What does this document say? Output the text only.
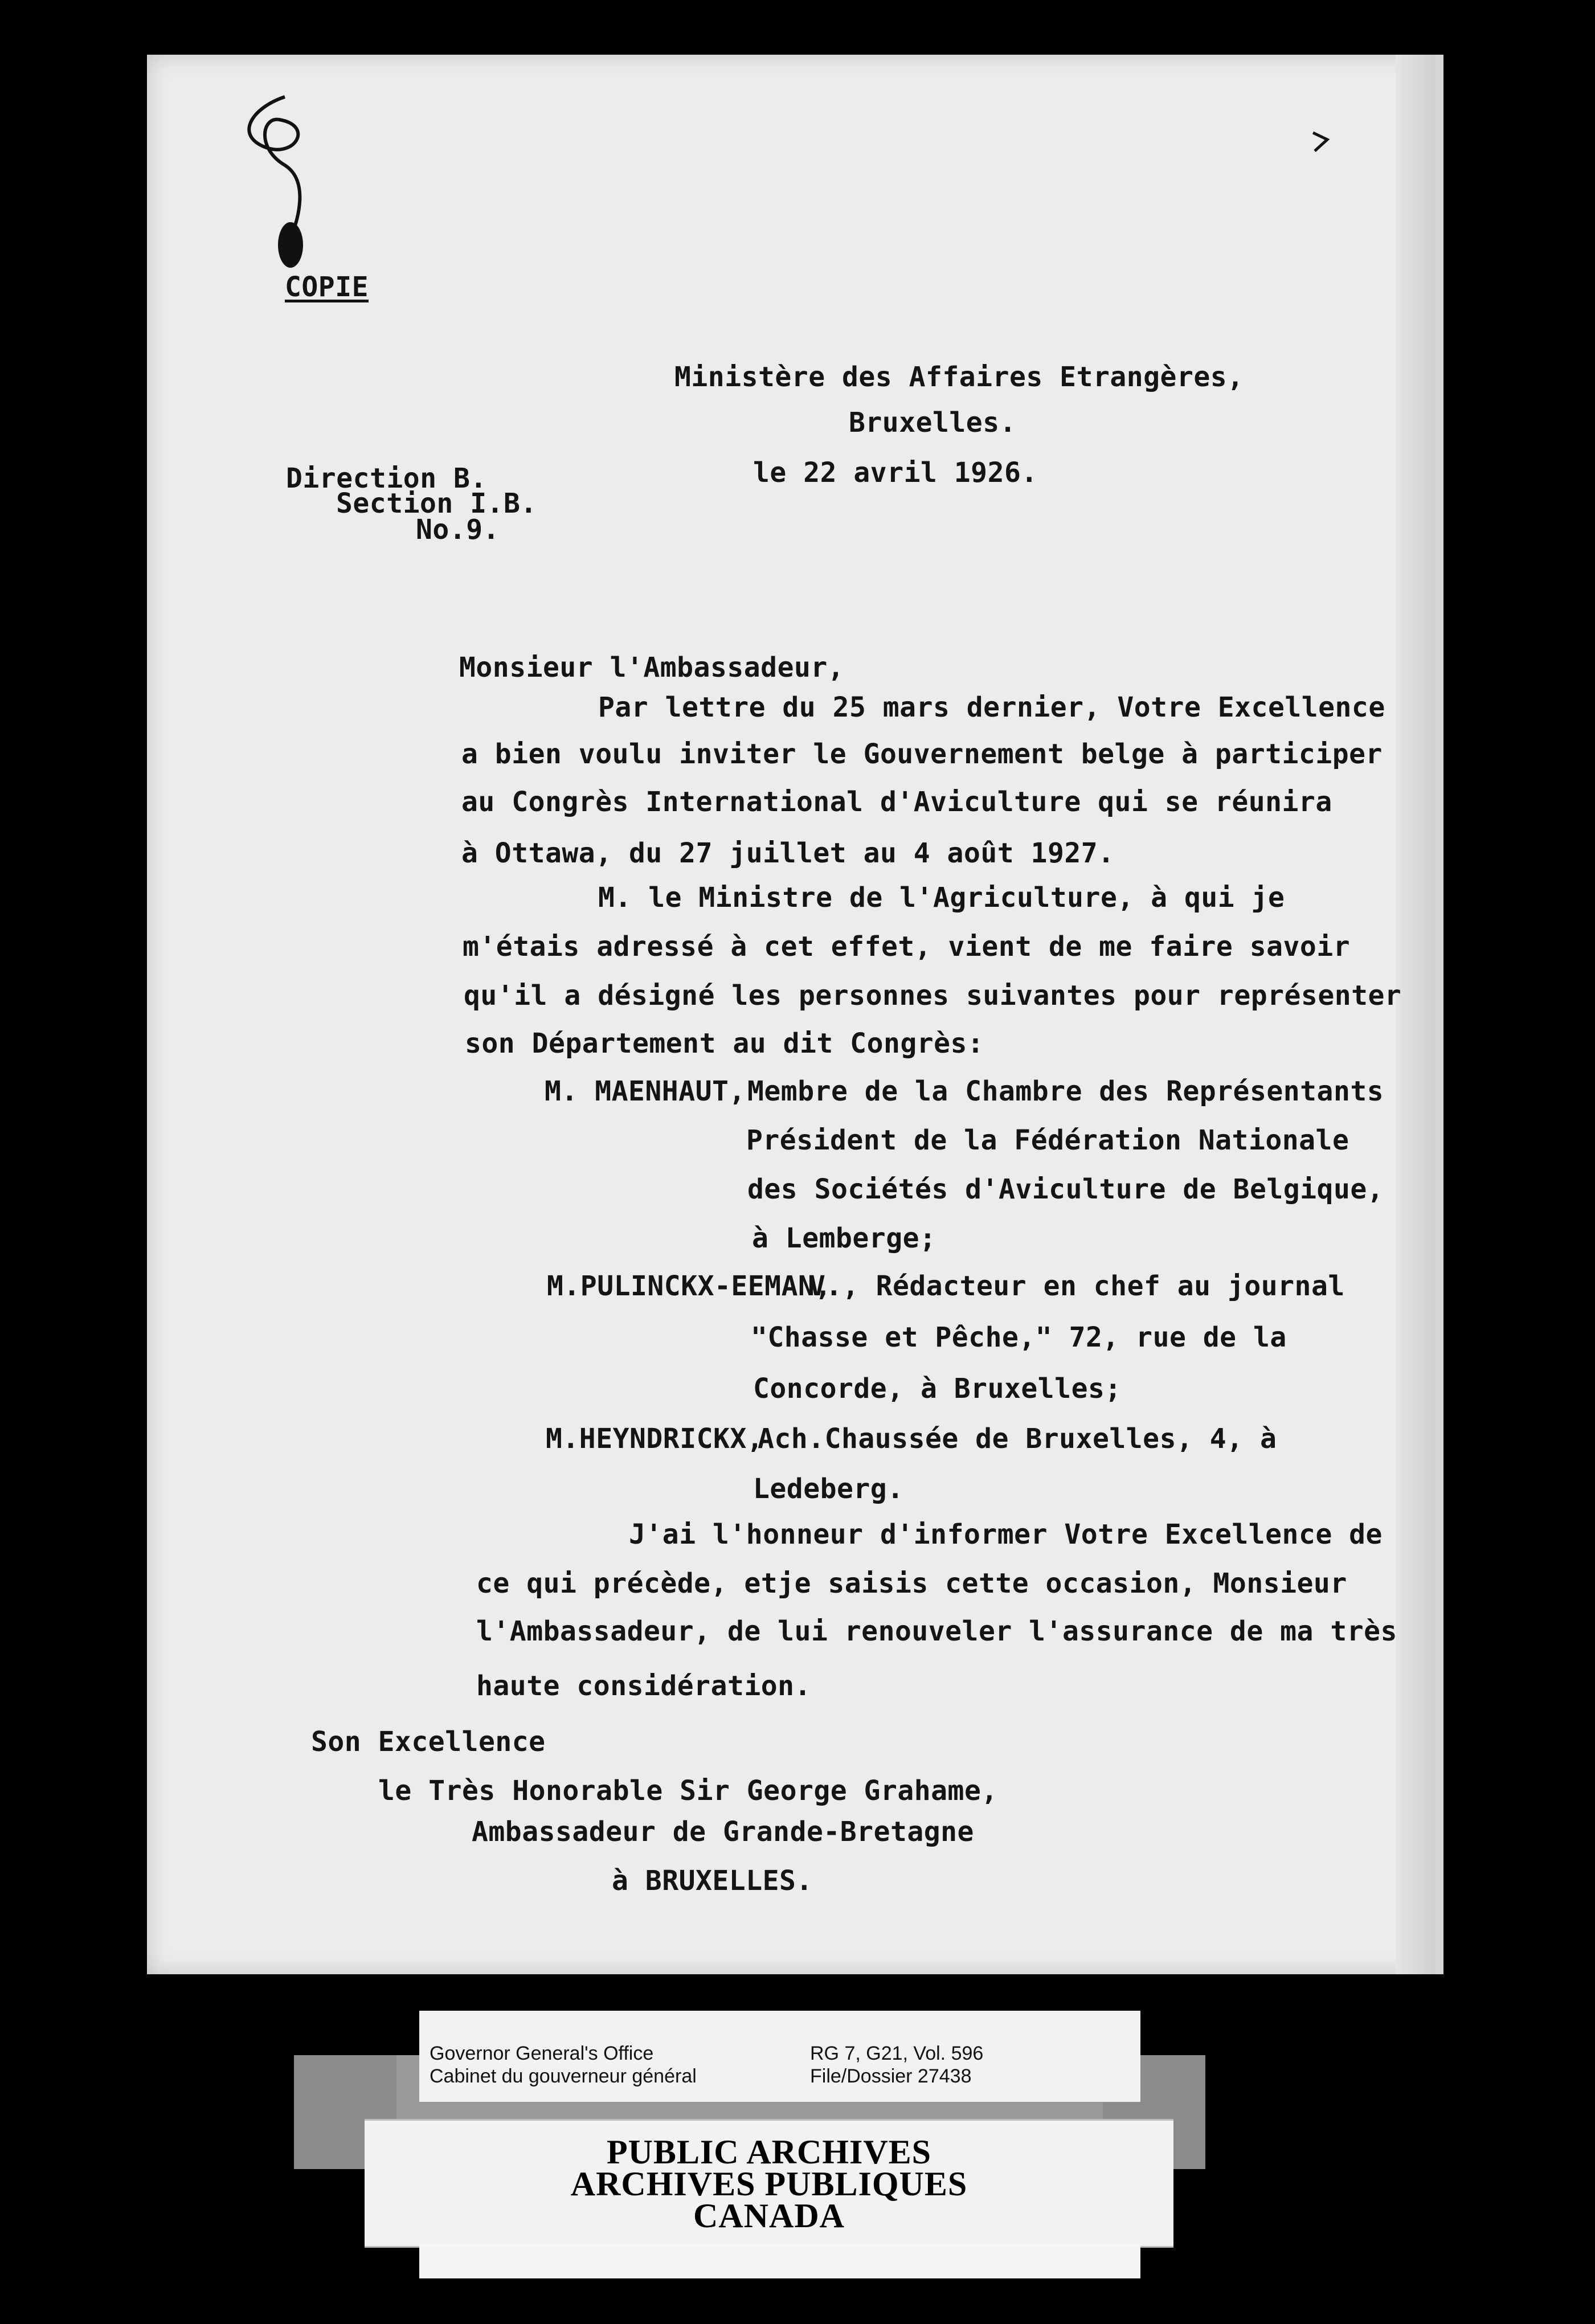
COPIE
Ministère des Affaires Etrangères,
Bruxelles.
le 22 avril 1926.
Direction B.
Section I.B.
No.9.
Monsieur l'Ambassadeur,
Par lettre du 25 mars dernier, Votre Excellence
a bien voulu inviter le Gouvernement belge à participer
au Congrès International d'Aviculture qui se réunira
à Ottawa, du 27 juillet au 4 août 1927.
M. le Ministre de l'Agriculture, à qui je
m'étais adressé à cet effet, vient de me faire savoir
qu'il a désigné les personnes suivantes pour représenter
son Département au dit Congrès:
M. MAENHAUT, Membre de la Chambre des Représentants
Président de la Fédération Nationale
des Sociétés d'Aviculture de Belgique,
à Lemberge;
M.PULINCKX-EEMAN,
V., Rédacteur en chef au journal
"Chasse et Pêche," 72, rue de la
Concorde, à Bruxelles;
M.HEYNDRICKX,
Ach.Chaussée de Bruxelles, 4, à
Ledeberg.
J'ai l'honneur d'informer Votre Excellence de
ce qui précède, etje saisis cette occasion, Monsieur
l'Ambassadeur, de lui renouveler l'assurance de ma très
haute considération.
Son Excellence
le Très Honorable Sir George Grahame,
Ambassadeur de Grande-Bretagne
à BRUXELLES.
Governor General's Office
Cabinet du gouverneur général
RG 7, G21, Vol. 596
File/Dossier 27438
PUBLIC ARCHIVES
ARCHIVES PUBLIQUES
CANADA
